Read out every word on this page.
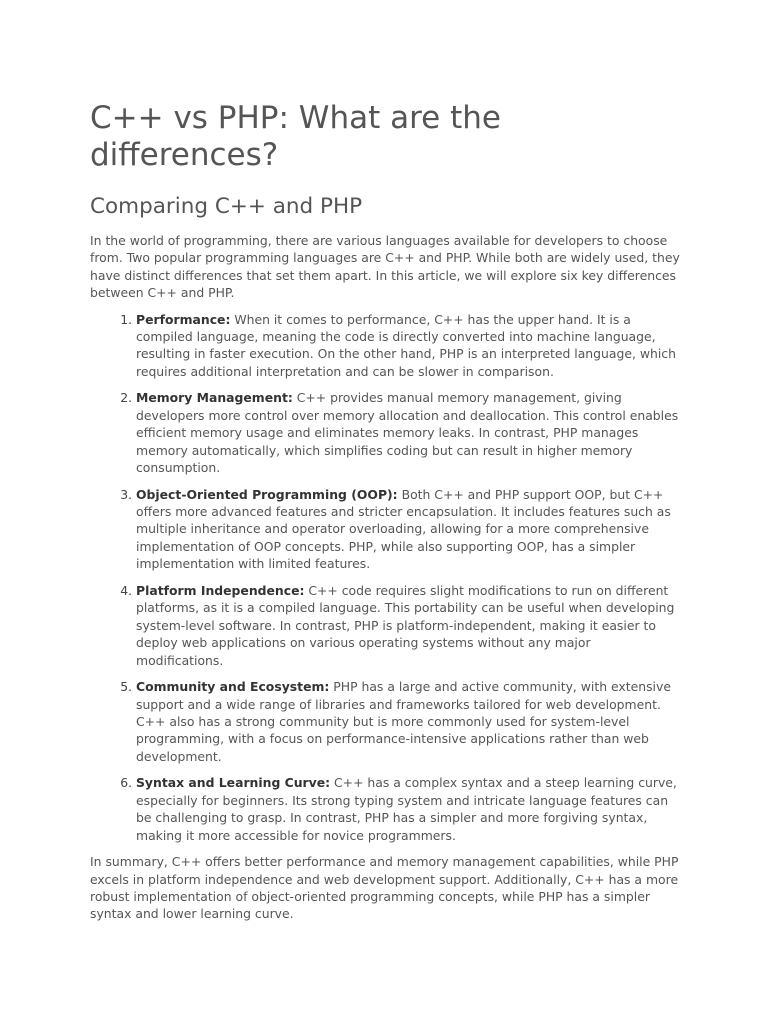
C++ vs PHP: What are the differences?
Comparing C++ and PHP

In the world of programming, there are various languages available for developers to choose from. Two popular programming languages are C++ and PHP. While both are widely used, they have distinct differences that set them apart. In this article, we will explore six key differences between C++ and PHP.

1. Performance: When it comes to performance, C++ has the upper hand. It is a compiled language, meaning the code is directly converted into machine language, resulting in faster execution. On the other hand, PHP is an interpreted language, which requires additional interpretation and can be slower in comparison.
2. Memory Management: C++ provides manual memory management, giving developers more control over memory allocation and deallocation. This control enables efficient memory usage and eliminates memory leaks. In contrast, PHP manages memory automatically, which simplifies coding but can result in higher memory consumption.
3. Object-Oriented Programming (OOP): Both C++ and PHP support OOP, but C++ offers more advanced features and stricter encapsulation. It includes features such as multiple inheritance and operator overloading, allowing for a more comprehensive implementation of OOP concepts. PHP, while also supporting OOP, has a simpler implementation with limited features.
4. Platform Independence: C++ code requires slight modifications to run on different platforms, as it is a compiled language. This portability can be useful when developing system-level software. In contrast, PHP is platform-independent, making it easier to deploy web applications on various operating systems without any major modifications.
5. Community and Ecosystem: PHP has a large and active community, with extensive support and a wide range of libraries and frameworks tailored for web development. C++ also has a strong community but is more commonly used for system-level programming, with a focus on performance-intensive applications rather than web development.
6. Syntax and Learning Curve: C++ has a complex syntax and a steep learning curve, especially for beginners. Its strong typing system and intricate language features can be challenging to grasp. In contrast, PHP has a simpler and more forgiving syntax, making it more accessible for novice programmers.

In summary, C++ offers better performance and memory management capabilities, while PHP excels in platform independence and web development support. Additionally, C++ has a more robust implementation of object-oriented programming concepts, while PHP has a simpler syntax and lower learning curve.
